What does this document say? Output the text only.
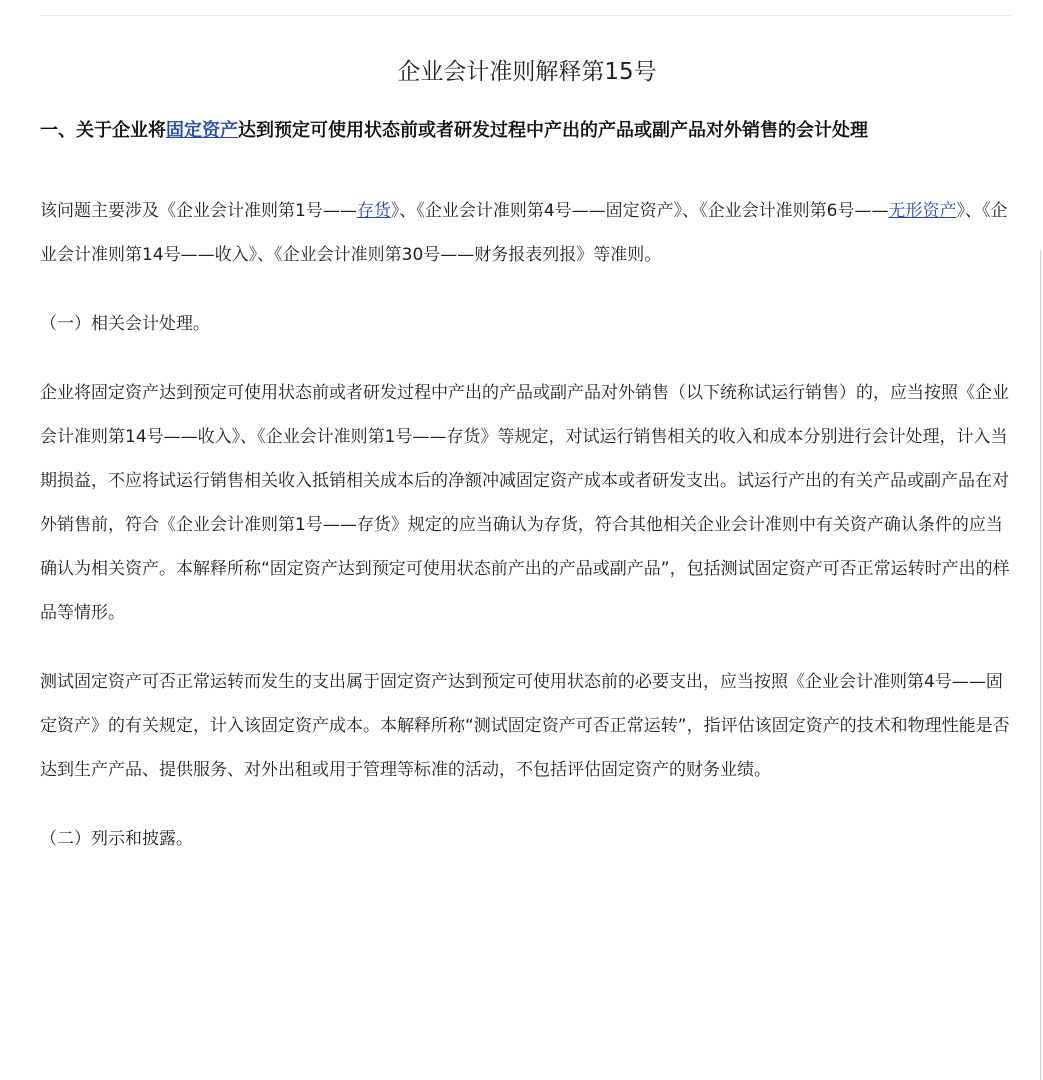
企业会计准则解释第15号
一、关于企业将固定资产达到预定可使用状态前或者研发过程中产出的产品或副产品对外销售的会计处理

该问题主要涉及《企业会计准则第1号——存货》、《企业会计准则第4号——固定资产》、《企业会计准则第6号——无形资产》、《企业会计准则第14号——收入》、《企业会计准则第30号——财务报表列报》等准则。

（一）相关会计处理。

企业将固定资产达到预定可使用状态前或者研发过程中产出的产品或副产品对外销售（以下统称试运行销售）的，应当按照《企业会计准则第14号——收入》、《企业会计准则第1号——存货》等规定，对试运行销售相关的收入和成本分别进行会计处理，计入当期损益，不应将试运行销售相关收入抵销相关成本后的净额冲减固定资产成本或者研发支出。试运行产出的有关产品或副产品在对外销售前，符合《企业会计准则第1号——存货》规定的应当确认为存货，符合其他相关企业会计准则中有关资产确认条件的应当确认为相关资产。本解释所称“固定资产达到预定可使用状态前产出的产品或副产品”，包括测试固定资产可否正常运转时产出的样品等情形。

测试固定资产可否正常运转而发生的支出属于固定资产达到预定可使用状态前的必要支出，应当按照《企业会计准则第4号——固定资产》的有关规定，计入该固定资产成本。本解释所称“测试固定资产可否正常运转”，指评估该固定资产的技术和物理性能是否达到生产产品、提供服务、对外出租或用于管理等标准的活动，不包括评估固定资产的财务业绩。

（二）列示和披露。
